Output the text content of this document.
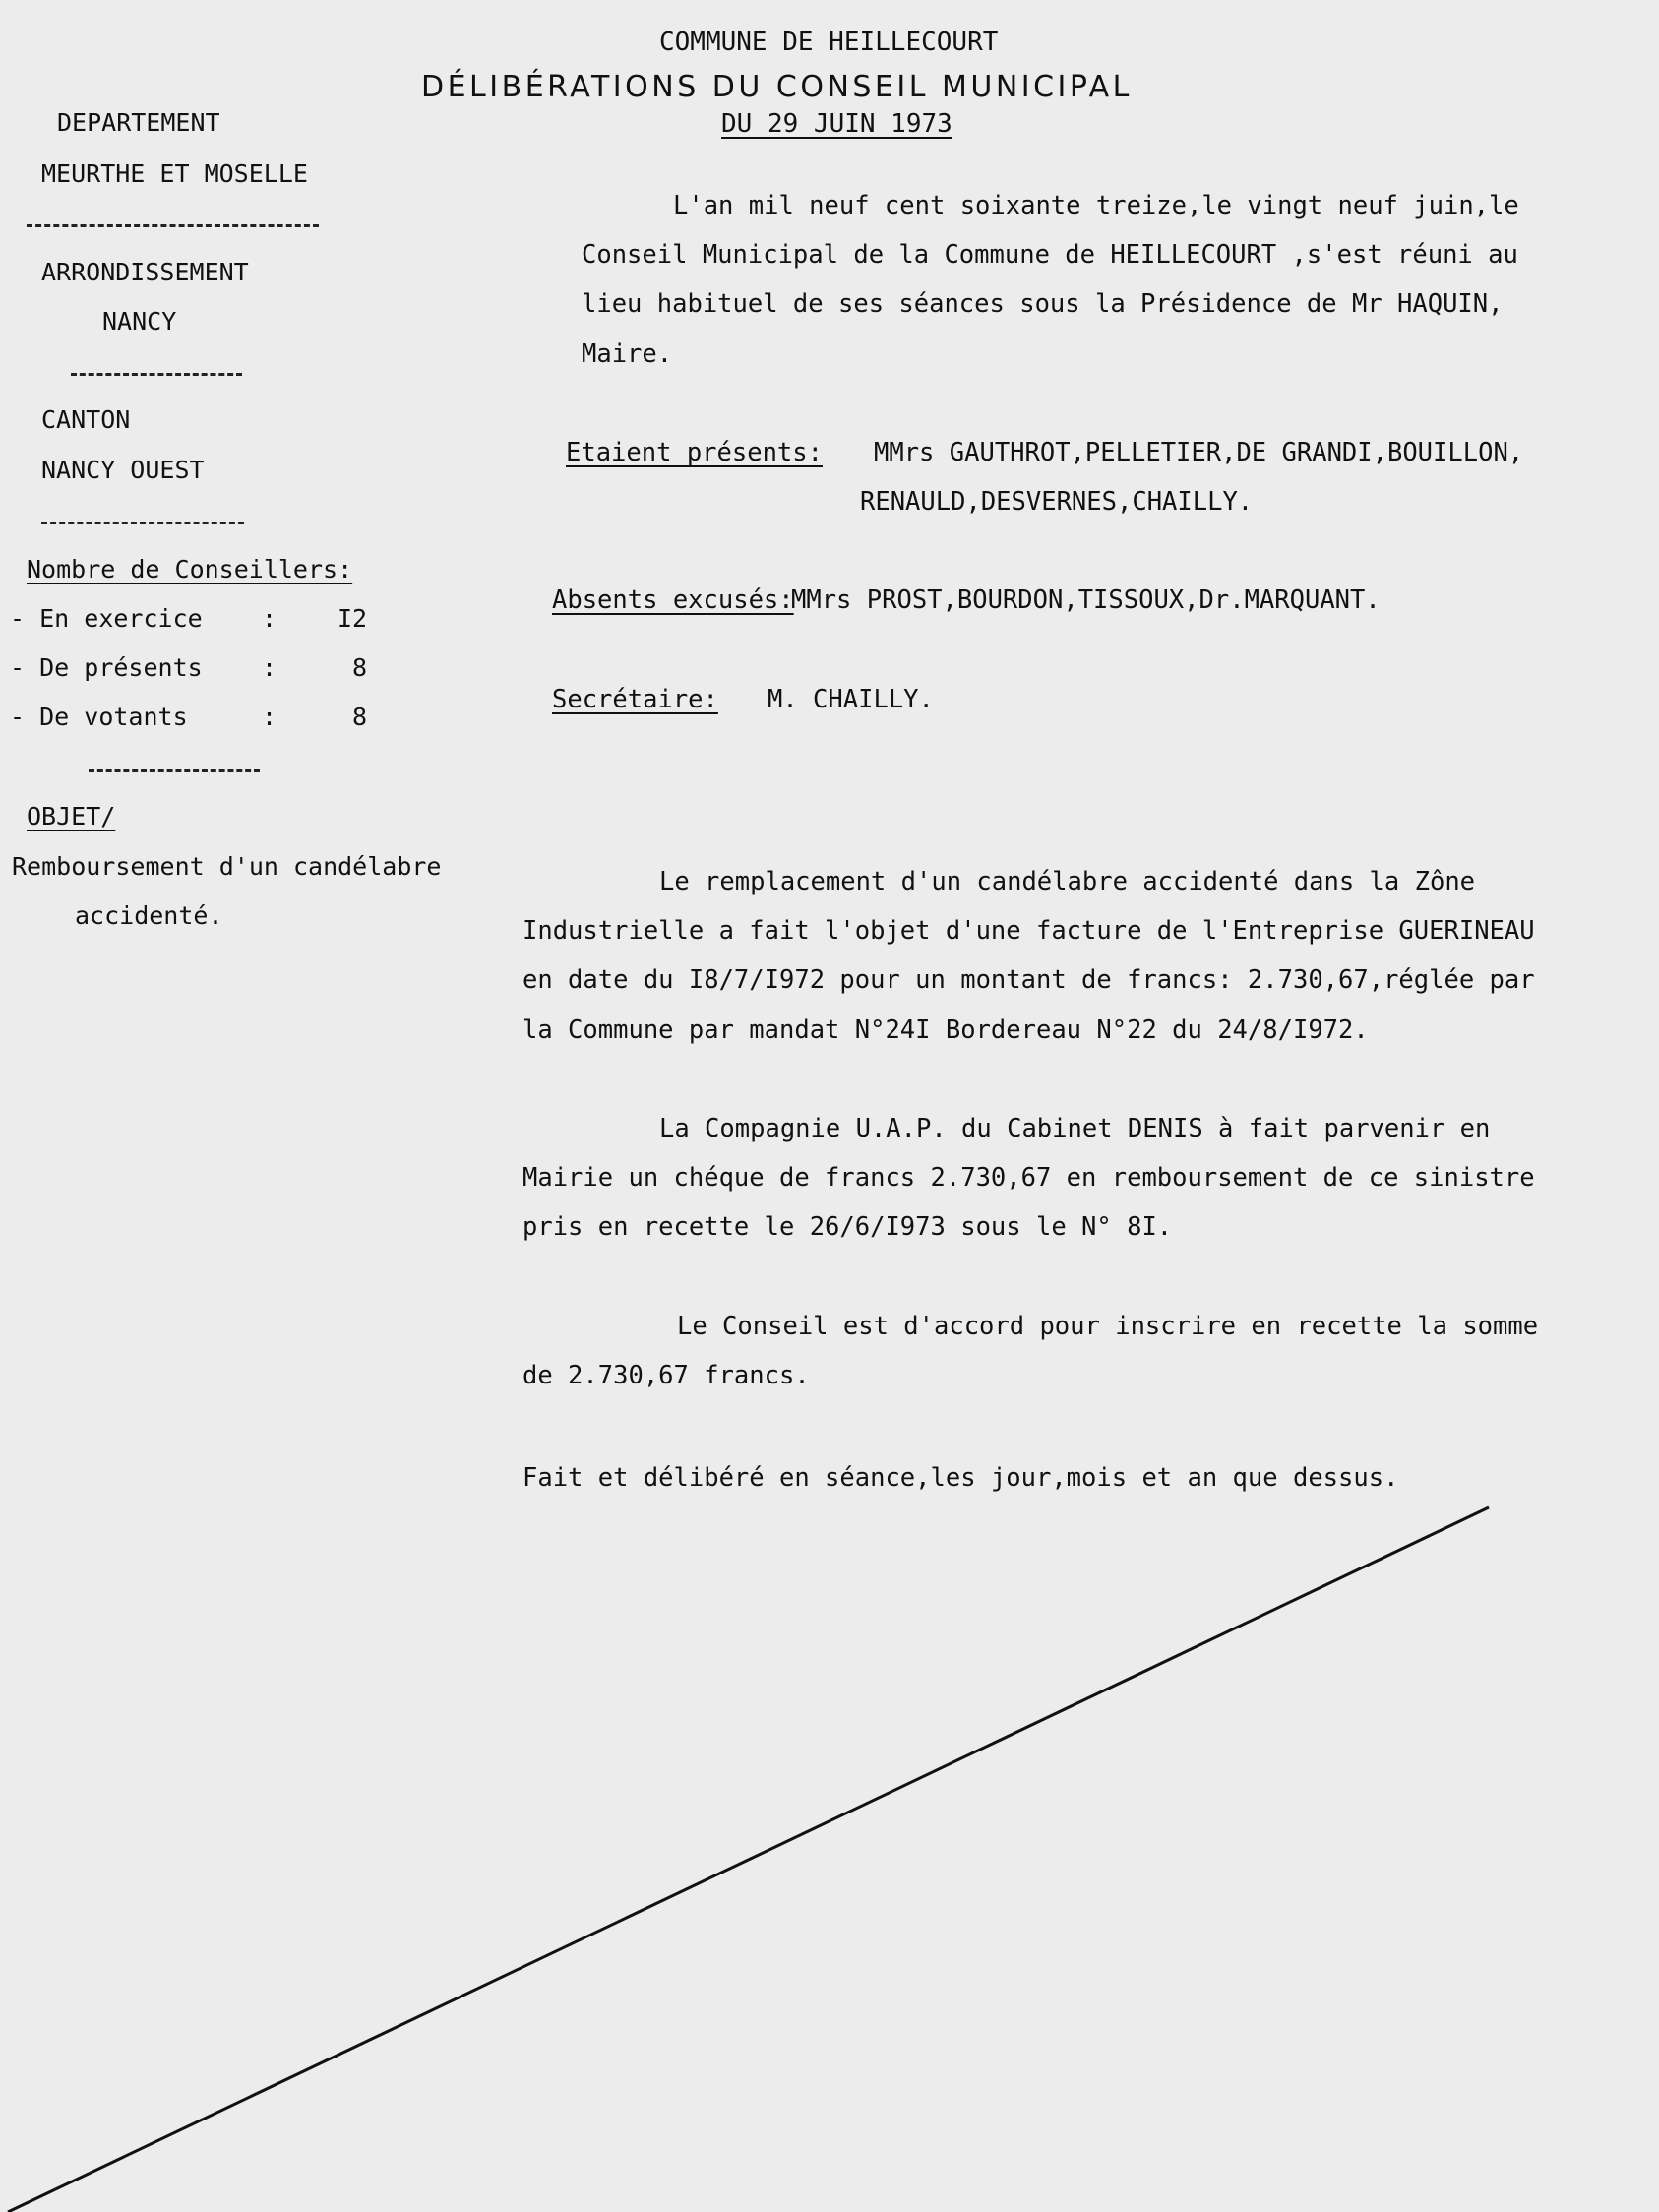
COMMUNE DE HEILLECOURT
DÉLIBÉRATIONS DU CONSEIL MUNICIPAL
DU 29 JUIN 1973
DEPARTEMENT
MEURTHE ET MOSELLE
ARRONDISSEMENT
NANCY
CANTON
NANCY OUEST
Nombre de Conseillers:
- En exercice : I2
- De présents :	8
- De votants	:	8
OBJET/
Remboursement d'un candélabre
accidenté.
L'an mil neuf cent soixante treize,le vingt neuf juin,le
Conseil Municipal de la Commune de HEILLECOURT ,s'est réuni au
lieu habituel de ses séances sous la Présidence de Mr HAQUIN,
Maire.
Etaient présents: MMrs GAUTHROT,PELLETIER,DE GRANDI,BOUILLON,
RENAULD,DESVERNES,CHAILLY.
Absents excusés:
MMrs PROST,BOURDON,TISSOUX,Dr.MARQUANT.
Secrétaire: M. CHAILLY.
Le remplacement d'un candélabre accidenté dans la Zône
Industrielle a fait l'objet d'une facture de l'Entreprise GUERINEAU
en date du I8/7/I972 pour un montant de francs: 2.730,67,réglée par
la Commune par mandat N°24I Bordereau N°22 du 24/8/I972.
La Compagnie U.A.P. du Cabinet DENIS à fait parvenir en
Mairie un chéque de francs 2.730,67 en remboursement de ce sinistre
pris en recette le 26/6/I973 sous le N° 8I.
Le Conseil est d'accord pour inscrire en recette la somme
de 2.730,67 francs.
Fait et délibéré en séance,les jour,mois et an que dessus.
